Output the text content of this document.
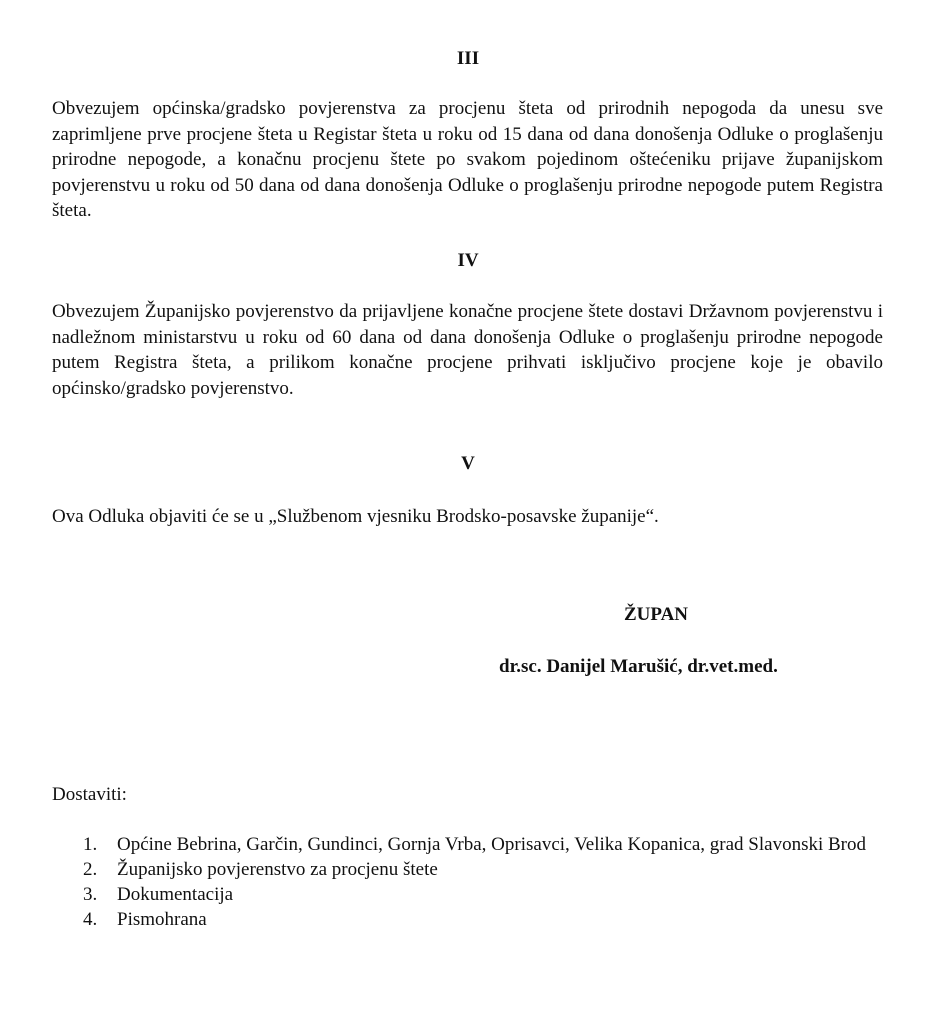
III

Obvezujem općinska/gradsko povjerenstva za procjenu šteta od prirodnih nepogoda da unesu sve zaprimljene prve procjene šteta u Registar šteta u roku od 15 dana od dana donošenja Odluke o proglašenju prirodne nepogode, a konačnu procjenu štete po svakom pojedinom oštećeniku prijave županijskom povjerenstvu u roku od 50 dana od dana donošenja Odluke o proglašenju prirodne nepogode putem Registra šteta.

IV

Obvezujem Županijsko povjerenstvo da prijavljene konačne procjene štete dostavi Državnom povjerenstvu i nadležnom ministarstvu u roku od 60 dana od dana donošenja Odluke o proglašenju prirodne nepogode putem Registra šteta, a prilikom konačne procjene prihvati isključivo procjene koje je obavilo općinsko/gradsko povjerenstvo.

V

Ova Odluka objaviti će se u „Službenom vjesniku Brodsko-posavske županije“.

ŽUPAN

dr.sc. Danijel Marušić, dr.vet.med.

Dostaviti:

1. Općine Bebrina, Garčin, Gundinci, Gornja Vrba, Oprisavci, Velika Kopanica, grad Slavonski Brod
2. Županijsko povjerenstvo za procjenu štete
3. Dokumentacija
4. Pismohrana
